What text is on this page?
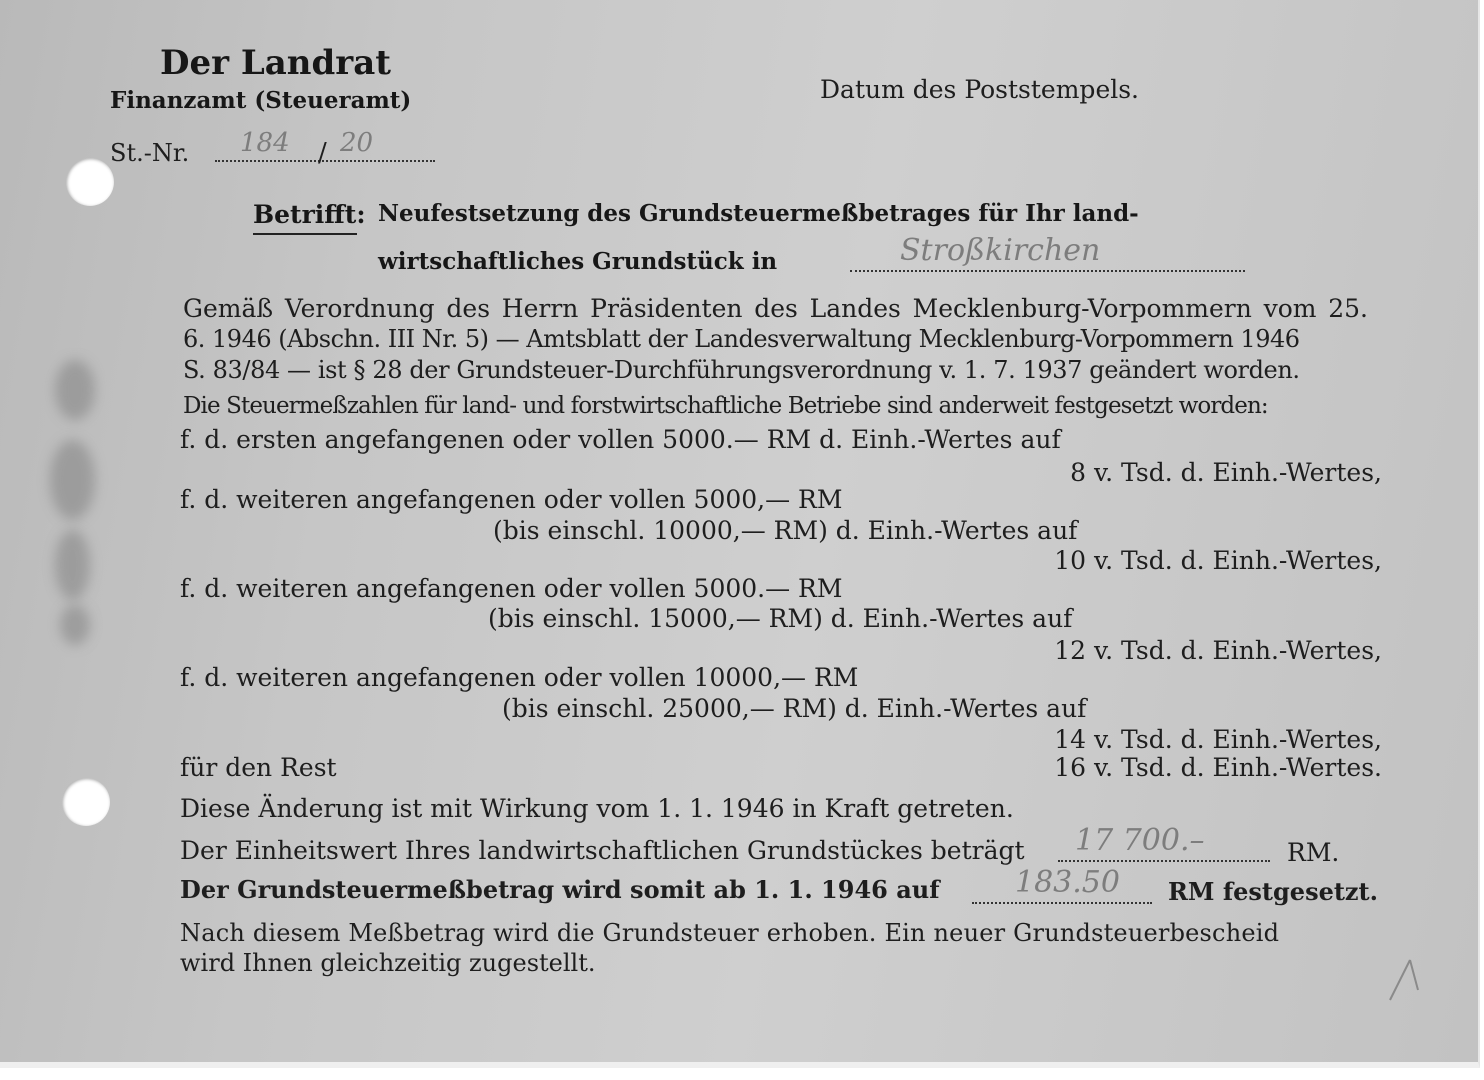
Der Landrat
Finanzamt (Steueramt)	Datum des Poststempels.
St.-Nr. 184 / 20
Betrifft: Neufestsetzung des Grundsteuermeßbetrages für Ihr land-
wirtschaftliches Grundstück in	Stroßkirchen
Gemäß Verordnung des Herrn Präsidenten des Landes Mecklenburg-Vorpommern vom 25.
6. 1946 (Abschn. III Nr. 5) — Amtsblatt der Landesverwaltung Mecklenburg-Vorpommern 1946
S. 83/84 — ist § 28 der Grundsteuer-Durchführungsverordnung v. 1. 7. 1937 geändert worden.
Die Steuermeßzahlen für land- und forstwirtschaftliche Betriebe sind anderweit festgesetzt worden:
f. d. ersten angefangenen oder vollen 5000.— RM d. Einh.-Wertes auf
8 v. Tsd. d. Einh.-Wertes,
f. d. weiteren angefangenen oder vollen 5000,— RM
(bis einschl. 10000,— RM) d. Einh.-Wertes auf
10 v. Tsd. d. Einh.-Wertes,
f. d. weiteren angefangenen oder vollen 5000.— RM
(bis einschl. 15000,— RM) d. Einh.-Wertes auf
12 v. Tsd. d. Einh.-Wertes,
f. d. weiteren angefangenen oder vollen 10000,— RM
(bis einschl. 25000,— RM) d. Einh.-Wertes auf
14 v. Tsd. d. Einh.-Wertes,
für den Rest	16 v. Tsd. d. Einh.-Wertes.
Diese Änderung ist mit Wirkung vom 1. 1. 1946 in Kraft getreten.
Der Einheitswert Ihres landwirtschaftlichen Grundstückes beträgt 17 700.–	RM.
Der Grundsteuermeßbetrag wird somit ab 1. 1. 1946 auf	183.50 RM festgesetzt.
Nach diesem Meßbetrag wird die Grundsteuer erhoben. Ein neuer Grundsteuerbescheid
wird Ihnen gleichzeitig zugestellt.
